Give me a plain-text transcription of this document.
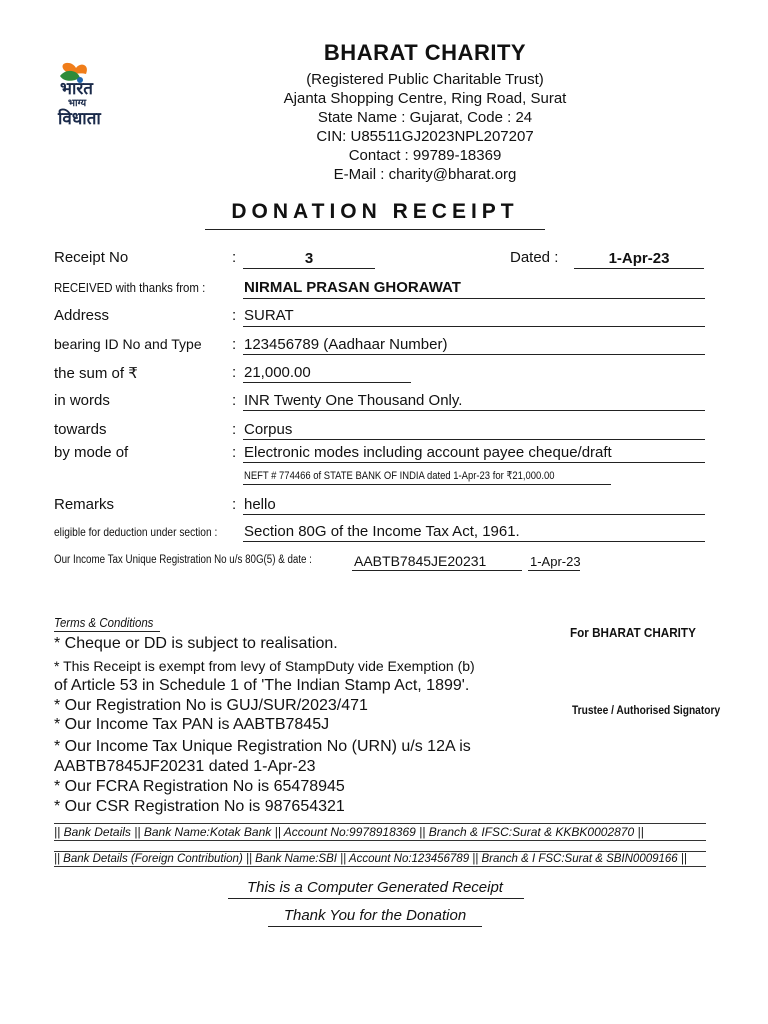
भारत
भाग्य
विधाता
BHARAT CHARITY
(Registered Public Charitable Trust)
Ajanta Shopping Centre, Ring Road, Surat
State Name : Gujarat, Code : 24
CIN: U85511GJ2023NPL207207
Contact : 99789-18369
E-Mail : charity@bharat.org
DONATION RECEIPT
Receipt No	:	3	Dated :	1-Apr-23
RECEIVED with thanks from :	NIRMAL PRASAN GHORAWAT
Address	: SURAT
bearing ID No and Type : 123456789 (Aadhaar Number)
the sum of ₹	: 21,000.00
in words	: INR Twenty One Thousand Only.
towards	: Corpus
by mode of	: Electronic modes including account payee cheque/draft
NEFT # 774466 of STATE BANK OF INDIA dated 1-Apr-23 for ₹21,000.00
Remarks	: hello
eligible for deduction under section : Section 80G of the Income Tax Act, 1961.
Our Income Tax Unique Registration No u/s 80G(5) & date :	AABTB7845JE20231	1-Apr-23
Terms & Conditions
* Cheque or DD is subject to realisation.
* This Receipt is exempt from levy of StampDuty vide Exemption (b)
of Article 53 in Schedule 1 of 'The Indian Stamp Act, 1899'.
* Our Registration No is GUJ/SUR/2023/471
* Our Income Tax PAN is AABTB7845J
* Our Income Tax Unique Registration No (URN) u/s 12A is
AABTB7845JF20231 dated 1-Apr-23
* Our FCRA Registration No is 65478945
* Our CSR Registration No is 987654321
For BHARAT CHARITY
Trustee / Authorised Signatory
|| Bank Details || Bank Name:Kotak Bank || Account No:9978918369 || Branch & IFSC:Surat & KKBK0002870 ||
|| Bank Details (Foreign Contribution) || Bank Name:SBI || Account No:123456789 || Branch & I FSC:Surat & SBIN0009166 ||
This is a Computer Generated Receipt
Thank You for the Donation
